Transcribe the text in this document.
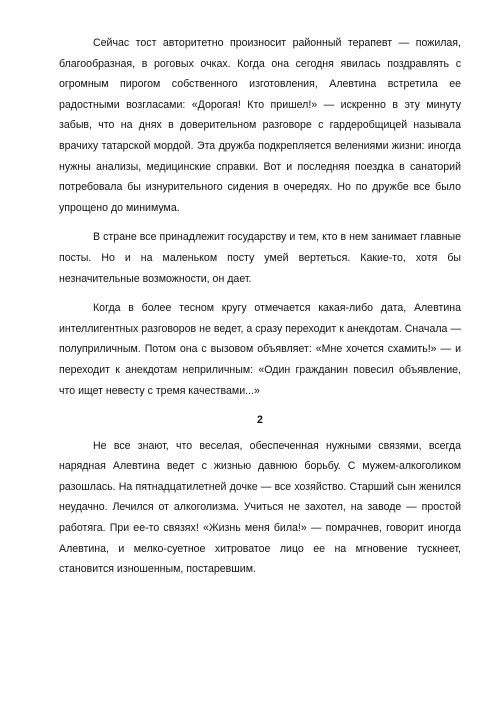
Сейчас тост авторитетно произносит районный терапевт — пожилая, благообразная, в роговых очках. Когда она сегодня явилась поздравлять с огромным пирогом собственного изготовления, Алевтина встретила ее радостными возгласами: «Дорогая! Кто пришел!» — искренно в эту минуту забыв, что на днях в доверительном разговоре с гардеробщицей называла врачиху татарской мордой. Эта дружба подкрепляется велениями жизни: иногда нужны анализы, медицинские справки. Вот и последняя поездка в санаторий потребовала бы изнурительного сидения в очередях. Но по дружбе все было упрощено до минимума.

В стране все принадлежит государству и тем, кто в нем занимает главные посты. Но и на маленьком посту умей вертеться. Какие-то, хотя бы незначительные возможности, он дает.

Когда в более тесном кругу отмечается какая-либо дата, Алевтина интеллигентных разговоров не ведет, а сразу переходит к анекдотам. Сначала — полуприличным. Потом она с вызовом объявляет: «Мне хочется схамить!» — и переходит к анекдотам неприличным: «Один гражданин повесил объявление, что ищет невесту с тремя качествами...»

2

Не все знают, что веселая, обеспеченная нужными связями, всегда нарядная Алевтина ведет с жизнью давнюю борьбу. С мужем-алкоголиком разошлась. На пятнадцатилетней дочке — все хозяйство. Старший сын женился неудачно. Лечился от алкоголизма. Учиться не захотел, на заводе — простой работяга. При ее-то связях! «Жизнь меня била!» — помрачнев, говорит иногда Алевтина, и мелко-суетное хитроватое лицо ее на мгновение тускнеет, становится изношенным, постаревшим.
